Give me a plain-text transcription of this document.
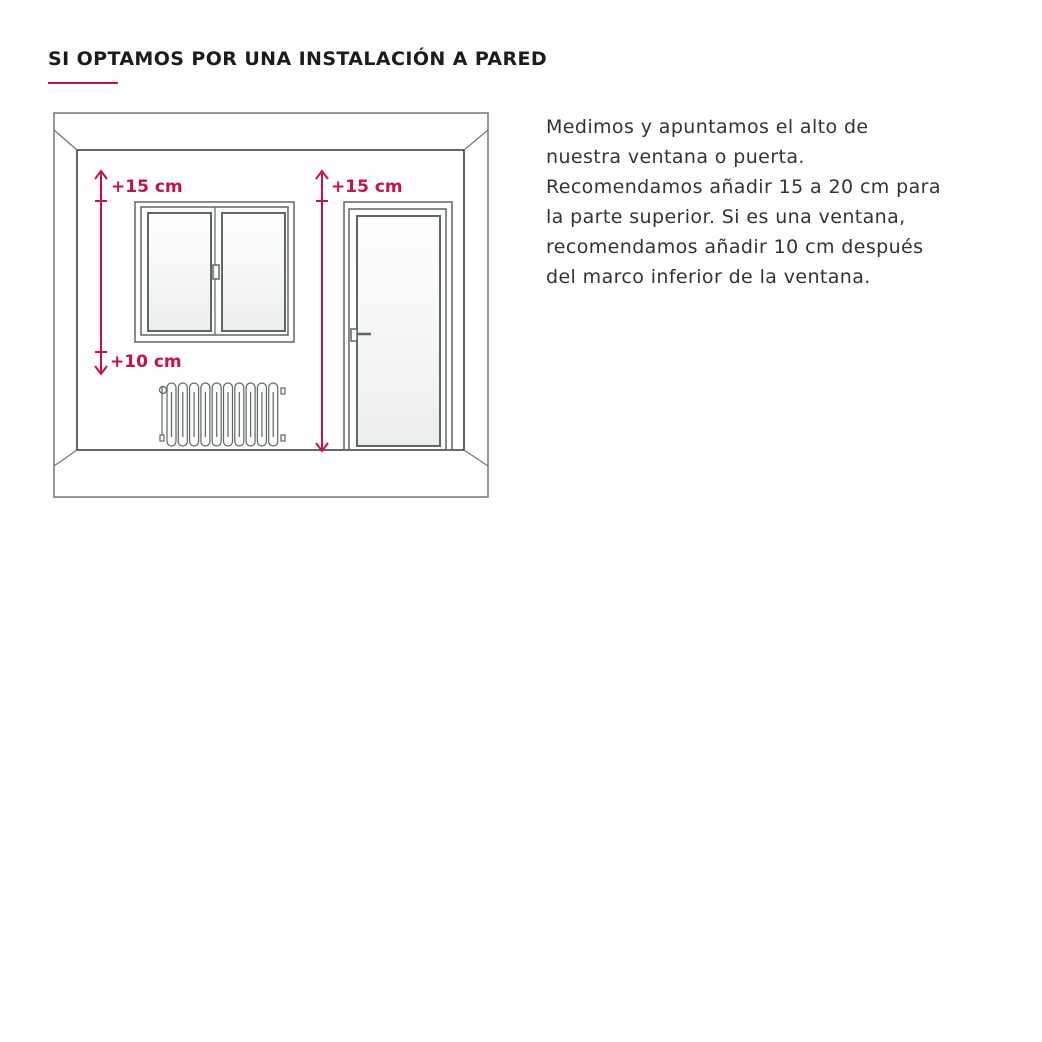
SI OPTAMOS POR UNA INSTALACIÓN A PARED
+15 cm
+10 cm
+15 cm
Medimos y apuntamos el alto de
nuestra ventana o puerta.
Recomendamos añadir 15 a 20 cm para
la parte superior. Si es una ventana,
recomendamos añadir 10 cm después
del marco inferior de la ventana.
